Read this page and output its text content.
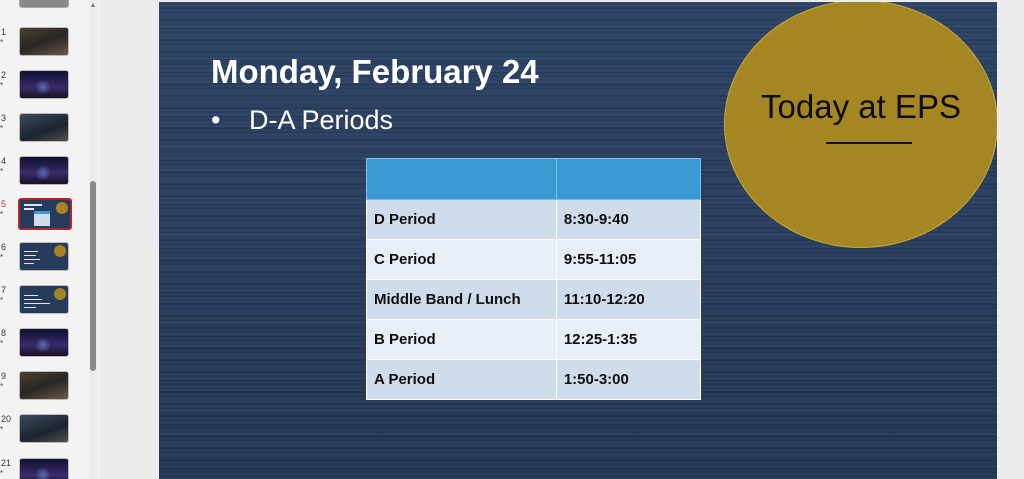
1
*
2
*
3
*
4
*
5
*
6
*
7
*
8
*
9
*
20
*
21
*
▲
Monday, February 24
•	D-A Periods

D Period	8:30-9:40
C Period	9:55-11:05
Middle Band / Lunch	11:10-12:20
B Period	12:25-1:35
A Period	1:50-3:00
Today at EPS
